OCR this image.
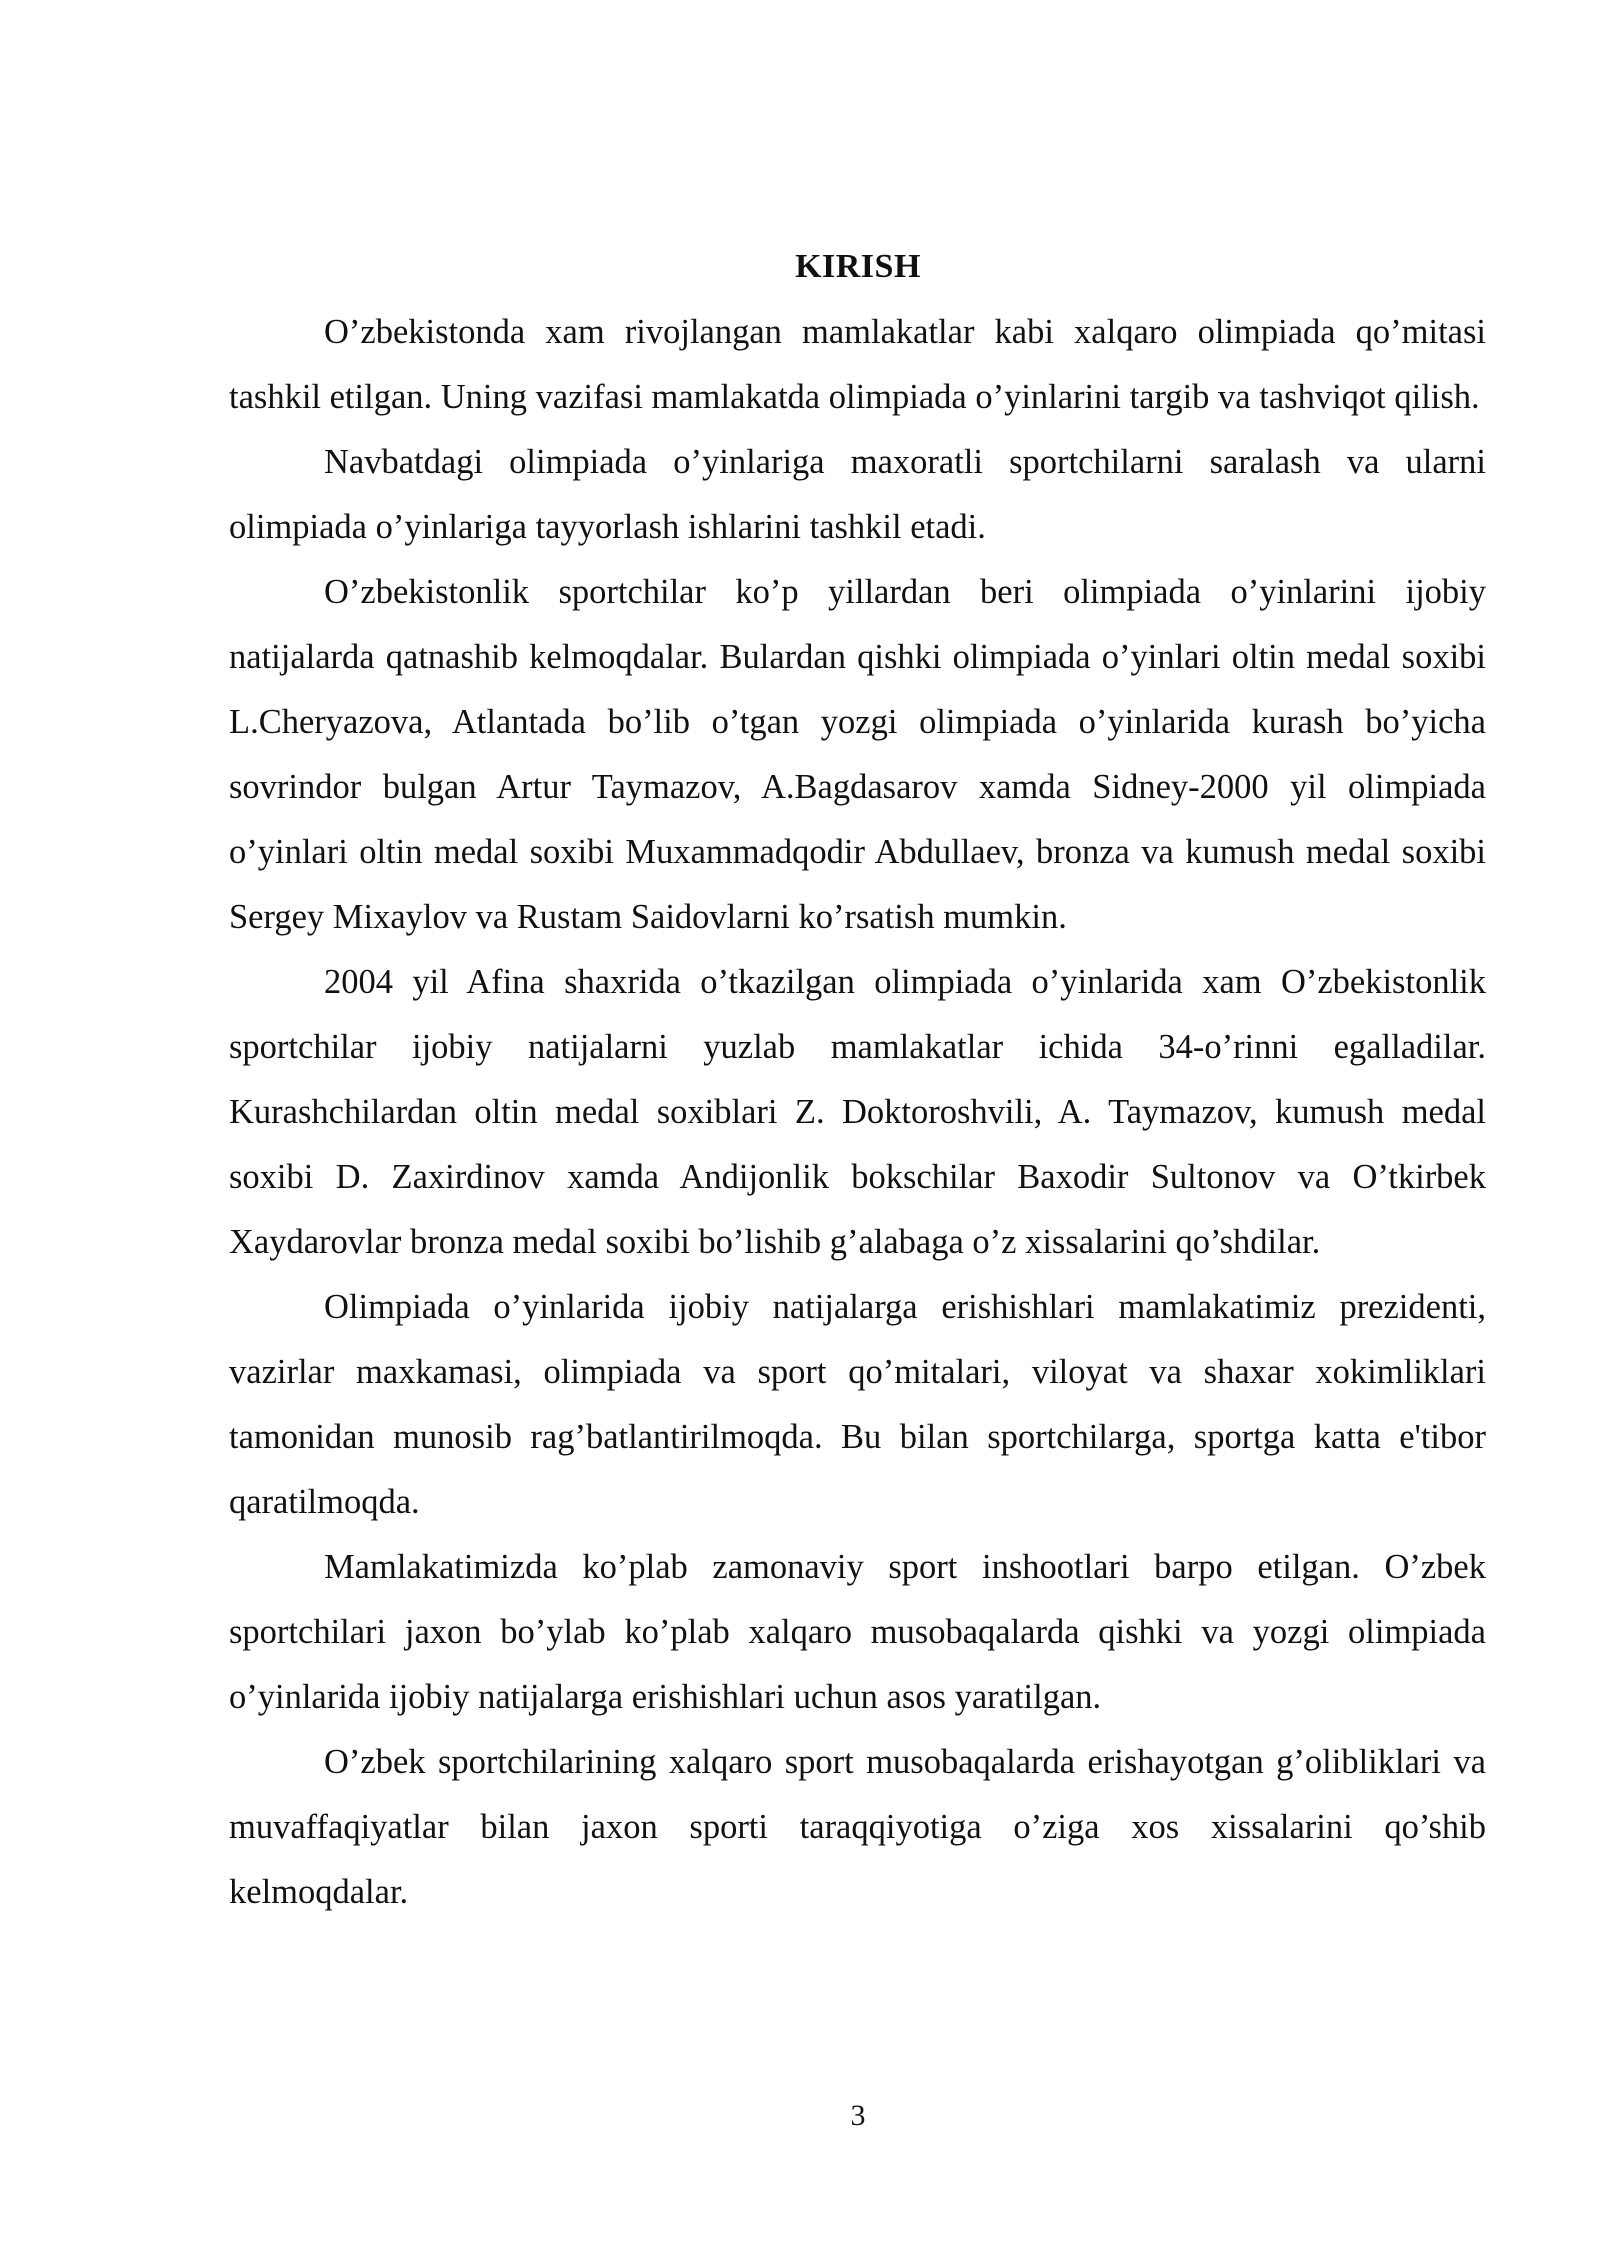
KIRISH

O’zbekistonda xam rivojlangan mamlakatlar kabi xalqaro olimpiada qo’mitasi tashkil etilgan. Uning vazifasi mamlakatda olimpiada o’yinlarini targib va tashviqot qilish.

Navbatdagi olimpiada o’yinlariga maxoratli sportchilarni saralash va ularni olimpiada o’yinlariga tayyorlash ishlarini tashkil etadi.

O’zbekistonlik sportchilar ko’p yillardan beri olimpiada o’yinlarini ijobiy natijalarda qatnashib kelmoqdalar. Bulardan qishki olimpiada o’yinlari oltin medal soxibi L.Cheryazova, Atlantada bo’lib o’tgan yozgi olimpiada o’yinlarida kurash bo’yicha sovrindor bulgan Artur Taymazov, A.Bagdasarov xamda Sidney-2000 yil olimpiada o’yinlari oltin medal soxibi Muxammadqodir Abdullaev, bronza va kumush medal soxibi Sergey Mixaylov va Rustam Saidovlarni ko’rsatish mumkin.

2004 yil Afina shaxrida o’tkazilgan olimpiada o’yinlarida xam O’zbekistonlik sportchilar ijobiy natijalarni yuzlab mamlakatlar ichida 34-o’rinni egalladilar. Kurashchilardan oltin medal soxiblari Z. Doktoroshvili, A. Taymazov, kumush medal soxibi D. Zaxirdinov xamda Andijonlik bokschilar Baxodir Sultonov va O’tkirbek Xaydarovlar bronza medal soxibi bo’lishib g’alabaga o’z xissalarini qo’shdilar.

Olimpiada o’yinlarida ijobiy natijalarga erishishlari mamlakatimiz prezidenti, vazirlar maxkamasi, olimpiada va sport qo’mitalari, viloyat va shaxar xokimliklari tamonidan munosib rag’batlantirilmoqda. Bu bilan sportchilarga, sportga katta e'tibor qaratilmoqda.

Mamlakatimizda ko’plab zamonaviy sport inshootlari barpo etilgan. O’zbek sportchilari jaxon bo’ylab ko’plab xalqaro musobaqalarda qishki va yozgi olimpiada o’yinlarida ijobiy natijalarga erishishlari uchun asos yaratilgan.

O’zbek sportchilarining xalqaro sport musobaqalarda erishayotgan g’olibliklari va muvaffaqiyatlar bilan jaxon sporti taraqqiyotiga o’ziga xos xissalarini qo’shib kelmoqdalar.

3
